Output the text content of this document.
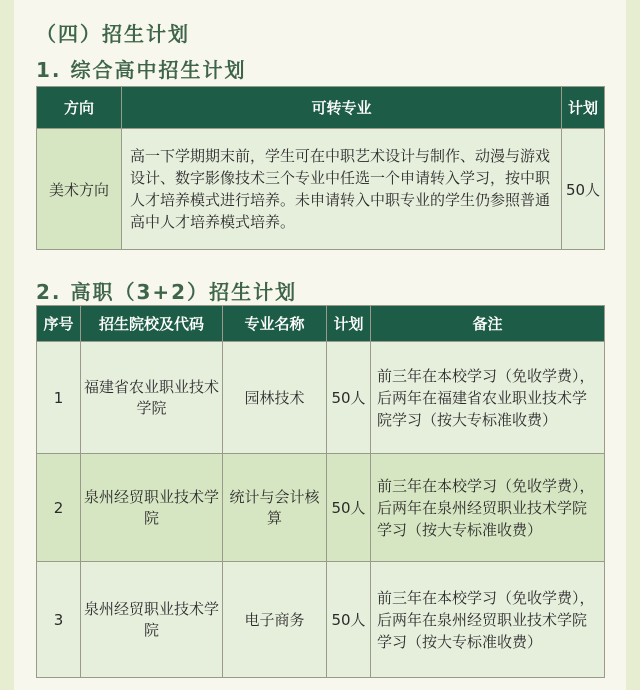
（四）招生计划
1. 综合高中招生计划
方向	可转专业	计划
美术方向	高一下学期期末前，学生可在中职艺术设计与制作、动漫与游戏设计、数字影像技术三个专业中任选一个申请转入学习，按中职人才培养模式进行培养。未申请转入中职专业的学生仍参照普通高中人才培养模式培养。	50人
2. 高职（3+2）招生计划
序号	招生院校及代码	专业名称	计划	备注
1	福建省农业职业技术学院	园林技术	50人	前三年在本校学习（免收学费），后两年在福建省农业职业技术学院学习（按大专标准收费）
2	泉州经贸职业技术学院	统计与会计核算	50人	前三年在本校学习（免收学费），后两年在泉州经贸职业技术学院学习（按大专标准收费）
3	泉州经贸职业技术学院	电子商务	50人	前三年在本校学习（免收学费），后两年在泉州经贸职业技术学院学习（按大专标准收费）
